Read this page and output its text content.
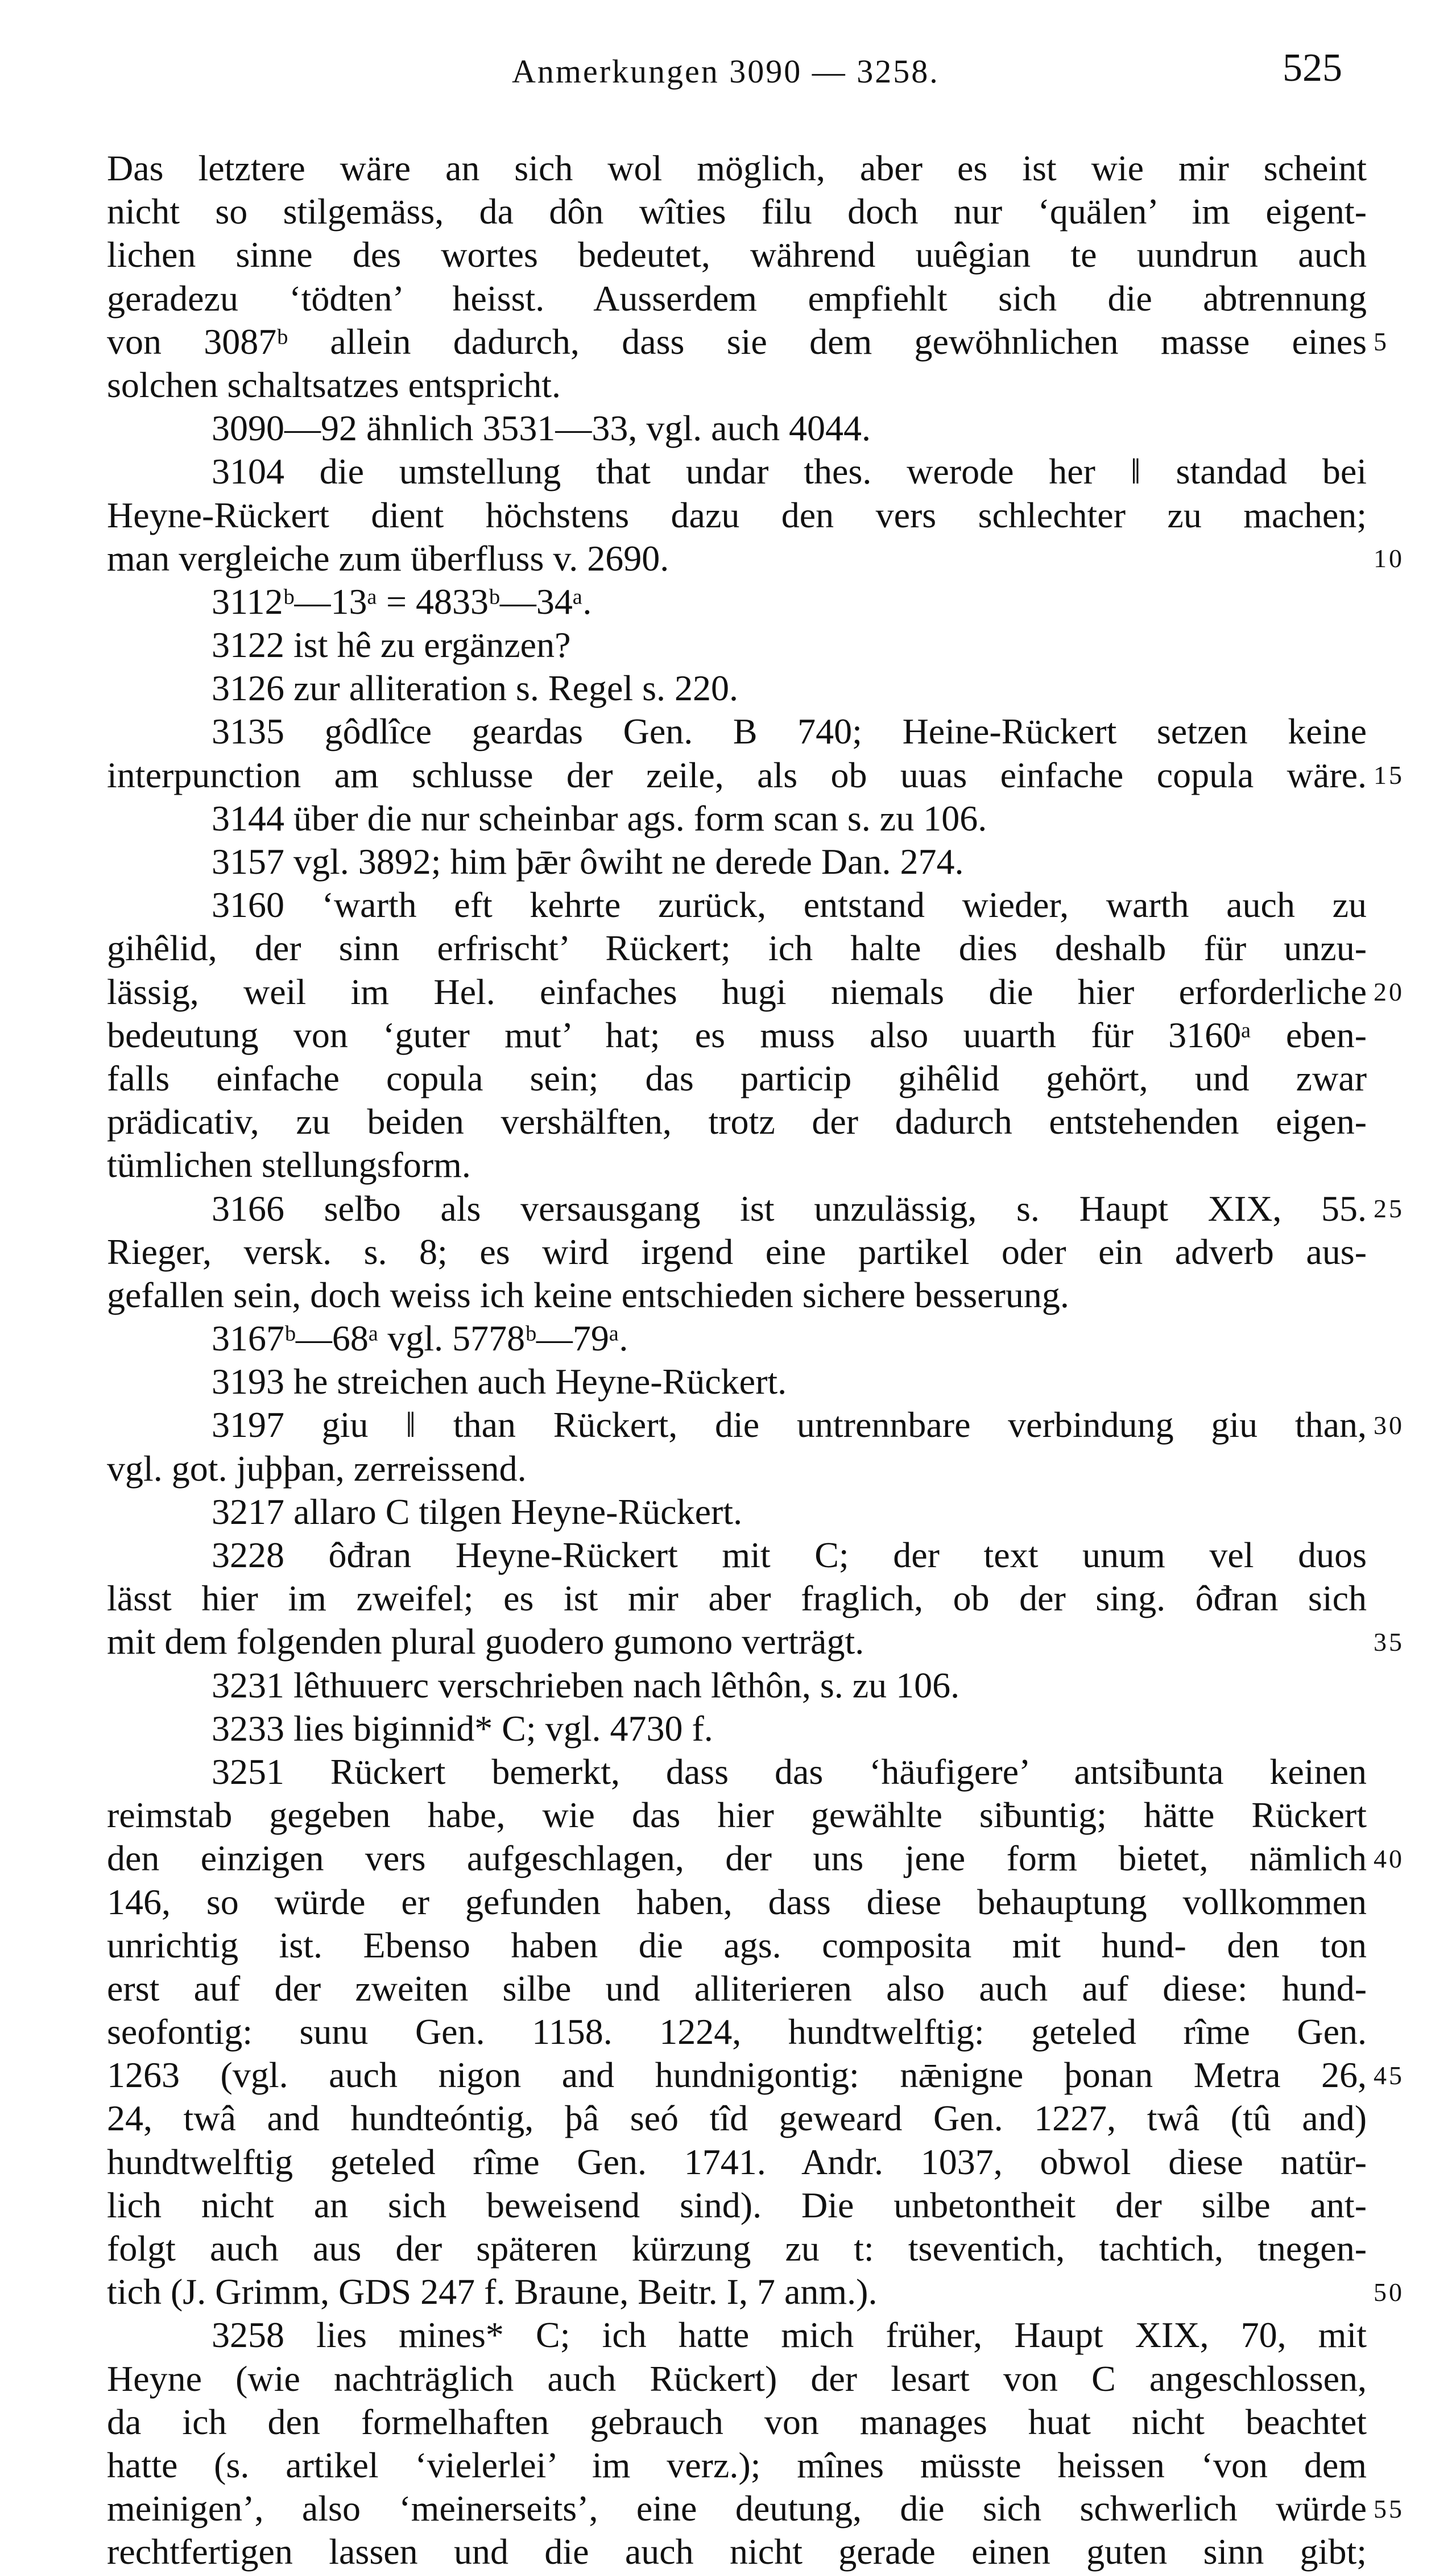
Anmerkungen 3090 — 3258.	525
Das letztere wäre an sich wol möglich, aber es ist wie mir scheint
nicht so stilgemäss, da dôn wîties filu doch nur ‘quälen’ im eigent-
lichen sinne des wortes bedeutet, während uuêgian te uundrun auch
geradezu ‘tödten’ heisst. Ausserdem empfiehlt sich die abtrennung
von 3087ᵇ allein dadurch, dass sie dem gewöhnlichen masse eines
solchen schaltsatzes entspricht.
3090—92 ähnlich 3531—33, vgl. auch 4044.
3104 die umstellung that undar thes. werode her ‖ standad bei
Heyne-Rückert dient höchstens dazu den vers schlechter zu machen;
man vergleiche zum überfluss v. 2690.
3112ᵇ—13ᵃ = 4833ᵇ—34ᵃ.
3122 ist hê zu ergänzen?
3126 zur alliteration s. Regel s. 220.
3135 gôdlîce geardas Gen. B 740; Heine-Rückert setzen keine
interpunction am schlusse der zeile, als ob uuas einfache copula wäre.
3144 über die nur scheinbar ags. form scan s. zu 106.
3157 vgl. 3892; him þǣr ôwiht ne derede Dan. 274.
3160 ‘warth eft kehrte zurück, entstand wieder, warth auch zu
gihêlid, der sinn erfrischt’ Rückert; ich halte dies deshalb für unzu-
lässig, weil im Hel. einfaches hugi niemals die hier erforderliche
bedeutung von ‘guter mut’ hat; es muss also uuarth für 3160ᵃ eben-
falls einfache copula sein; das particip gihêlid gehört, und zwar
prädicativ, zu beiden vershälften, trotz der dadurch entstehenden eigen-
tümlichen stellungsform.
3166 selƀo als versausgang ist unzulässig, s. Haupt XIX, 55.
Rieger, versk. s. 8; es wird irgend eine partikel oder ein adverb aus-
gefallen sein, doch weiss ich keine entschieden sichere besserung.
3167ᵇ—68ᵃ vgl. 5778ᵇ—79ᵃ.
3193 he streichen auch Heyne-Rückert.
3197 giu ‖ than Rückert, die untrennbare verbindung giu than,
vgl. got. juþþan, zerreissend.
3217 allaro C tilgen Heyne-Rückert.
3228 ôđran Heyne-Rückert mit C; der text unum vel duos
lässt hier im zweifel; es ist mir aber fraglich, ob der sing. ôđran sich
mit dem folgenden plural guodero gumono verträgt.
3231 lêthuuerc verschrieben nach lêthôn, s. zu 106.
3233 lies biginnid* C; vgl. 4730 f.
3251 Rückert bemerkt, dass das ‘häufigere’ antsiƀunta keinen
reimstab gegeben habe, wie das hier gewählte siƀuntig; hätte Rückert
den einzigen vers aufgeschlagen, der uns jene form bietet, nämlich
146, so würde er gefunden haben, dass diese behauptung vollkommen
unrichtig ist. Ebenso haben die ags. composita mit hund- den ton
erst auf der zweiten silbe und alliterieren also auch auf diese: hund-
seofontig: sunu Gen. 1158. 1224, hundtwelftig: geteled rîme Gen.
1263 (vgl. auch nigon and hundnigontig: nǣnigne þonan Metra 26,
24, twâ and hundteóntig, þâ seó tîd geweard Gen. 1227, twâ (tû and)
hundtwelftig geteled rîme Gen. 1741. Andr. 1037, obwol diese natür-
lich nicht an sich beweisend sind). Die unbetontheit der silbe ant-
folgt auch aus der späteren kürzung zu t: tseventich, tachtich, tnegen-
tich (J. Grimm, GDS 247 f. Braune, Beitr. I, 7 anm.).
3258 lies mines* C; ich hatte mich früher, Haupt XIX, 70, mit
Heyne (wie nachträglich auch Rückert) der lesart von C angeschlossen,
da ich den formelhaften gebrauch von manages huat nicht beachtet
hatte (s. artikel ‘vielerlei’ im verz.); mînes müsste heissen ‘von dem
meinigen’, also ‘meinerseits’, eine deutung, die sich schwerlich würde
rechtfertigen lassen und die auch nicht gerade einen guten sinn gibt;
5
10
15
20
25
30
35
40
45
50
55
